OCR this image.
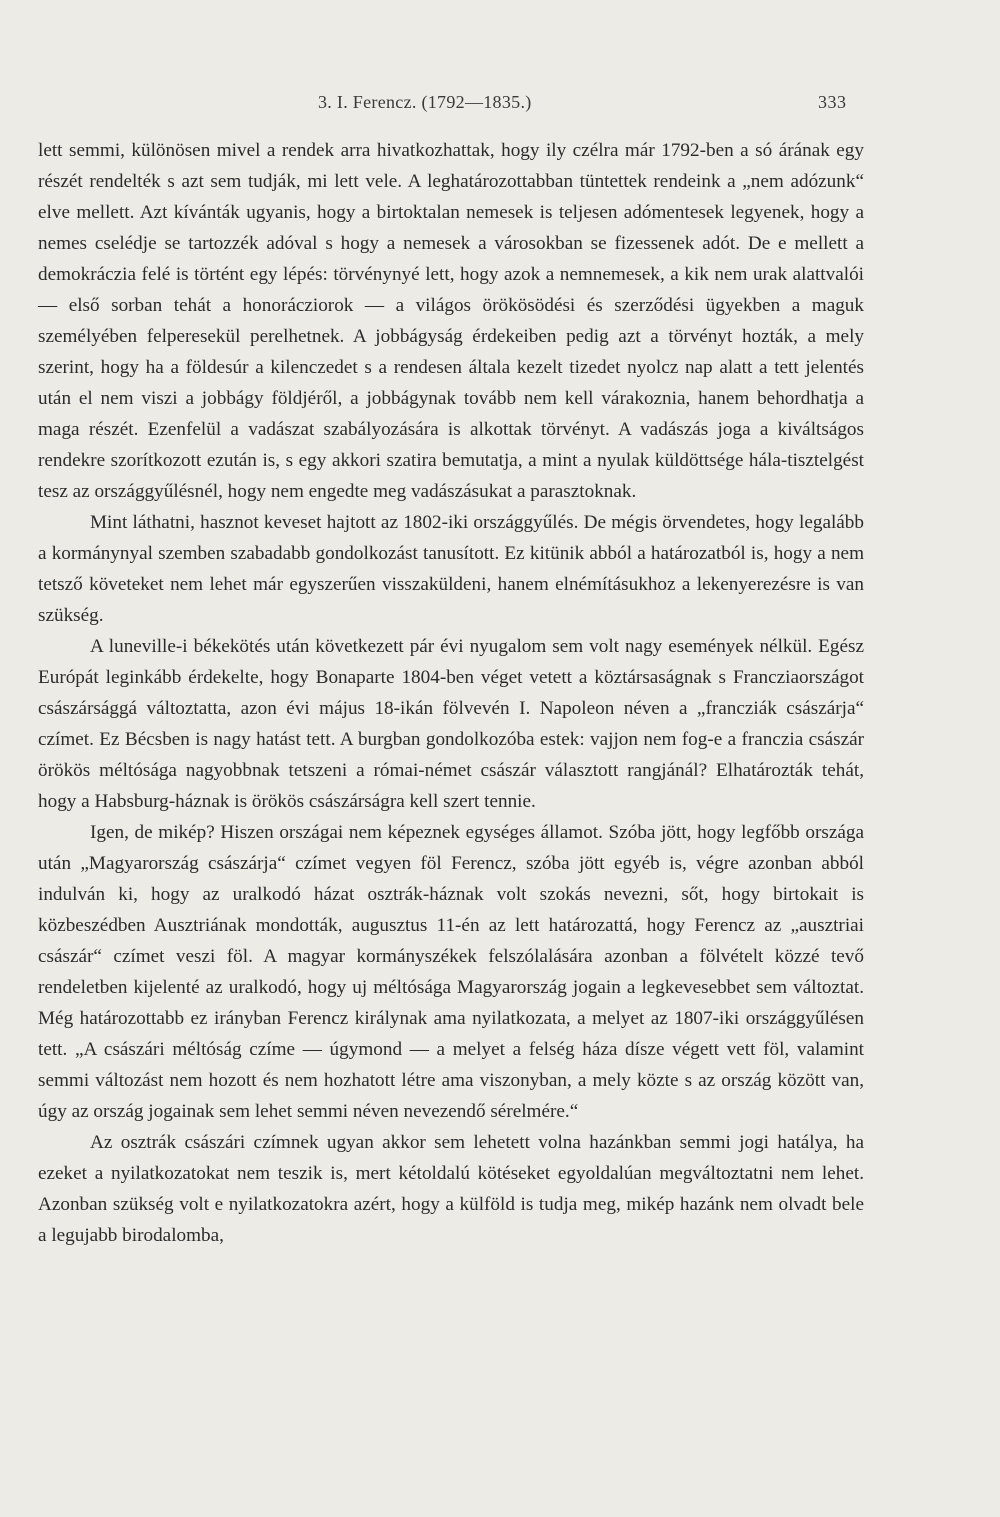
3. I. Ferencz. (1792—1835.)	333

lett semmi, különösen mivel a rendek arra hivatkozhattak, hogy ily czélra már 1792-ben a só árának egy részét rendelték s azt sem tudják, mi lett vele. A leghatározottabban tüntettek rendeink a „nem adózunk“ elve mellett. Azt kívánták ugyanis, hogy a birtoktalan nemesek is teljesen adómentesek legyenek, hogy a nemes cselédje se tartozzék adóval s hogy a nemesek a városokban se fizessenek adót. De e mellett a demokráczia felé is történt egy lépés: törvénynyé lett, hogy azok a nemnemesek, a kik nem urak alattvalói — első sorban tehát a honorácziorok — a világos örökösödési és szerződési ügyekben a maguk személyében felperesekül perelhetnek. A jobbágyság érdekeiben pedig azt a törvényt hozták, a mely szerint, hogy ha a földesúr a kilenczedet s a rendesen általa kezelt tizedet nyolcz nap alatt a tett jelentés után el nem viszi a jobbágy földjéről, a jobbágynak tovább nem kell várakoznia, hanem behordhatja a maga részét. Ezenfelül a vadászat szabályozására is alkottak törvényt. A vadászás joga a kiváltságos rendekre szorítkozott ezután is, s egy akkori szatira bemutatja, a mint a nyulak küldöttsége hála-tisztelgést tesz az országgyűlésnél, hogy nem engedte meg vadászásukat a parasztoknak.

Mint láthatni, hasznot keveset hajtott az 1802-iki országgyűlés. De mégis örvendetes, hogy legalább a kormánynyal szemben szabadabb gondolkozást tanusított. Ez kitünik abból a határozatból is, hogy a nem tetsző követeket nem lehet már egyszerűen visszaküldeni, hanem elnémításukhoz a lekenyerezésre is van szükség.

A luneville-i békekötés után következett pár évi nyugalom sem volt nagy események nélkül. Egész Európát leginkább érdekelte, hogy Bonaparte 1804-ben véget vetett a köztársaságnak s Francziaországot császársággá változtatta, azon évi május 18-ikán fölvevén I. Napoleon néven a „francziák császárja“ czímet. Ez Bécsben is nagy hatást tett. A burgban gondolkozóba estek: vajjon nem fog-e a franczia császár örökös méltósága nagyobbnak tetszeni a római-német császár választott rangjánál? Elhatározták tehát, hogy a Habsburg-háznak is örökös császárságra kell szert tennie.

Igen, de mikép? Hiszen országai nem képeznek egységes államot. Szóba jött, hogy legfőbb országa után „Magyarország császárja“ czímet vegyen föl Ferencz, szóba jött egyéb is, végre azonban abból indulván ki, hogy az uralkodó házat osztrák-háznak volt szokás nevezni, sőt, hogy birtokait is közbeszédben Ausztriának mondották, augusztus 11-én az lett határozattá, hogy Ferencz az „ausztriai császár“ czímet veszi föl. A magyar kormányszékek felszólalására azonban a fölvételt közzé tevő rendeletben kijelenté az uralkodó, hogy uj méltósága Magyarország jogain a legkevesebbet sem változtat. Még határozottabb ez irányban Ferencz királynak ama nyilatkozata, a melyet az 1807-iki országgyűlésen tett. „A császári méltóság czíme — úgymond — a melyet a felség háza dísze végett vett föl, valamint semmi változást nem hozott és nem hozhatott létre ama viszonyban, a mely közte s az ország között van, úgy az ország jogainak sem lehet semmi néven nevezendő sérelmére.“

Az osztrák császári czímnek ugyan akkor sem lehetett volna hazánkban semmi jogi hatálya, ha ezeket a nyilatkozatokat nem teszik is, mert kétoldalú kötéseket egyoldalúan megváltoztatni nem lehet. Azonban szükség volt e nyilatkozatokra azért, hogy a külföld is tudja meg, mikép hazánk nem olvadt bele a legujabb birodalomba,
